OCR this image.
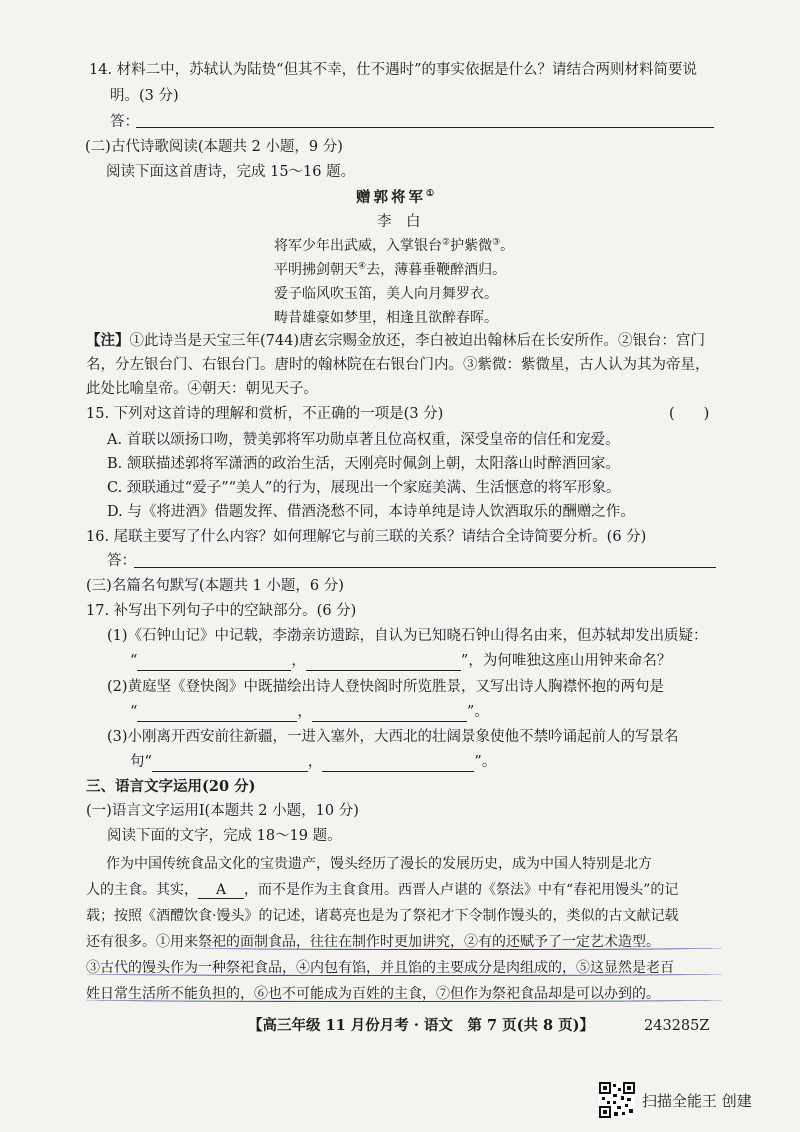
14. 材料二中，苏轼认为陆贽“但其不幸，仕不遇时”的事实依据是什么？请结合两则材料简要说
明。(3 分)
答：
(二)古代诗歌阅读(本题共 2 小题，9 分)
阅读下面这首唐诗，完成 15～16 题。
赠郭将军①
李　白
将军少年出武威，入掌银台②护紫微③。
平明拂剑朝天④去，薄暮垂鞭醉酒归。
爱子临风吹玉笛，美人向月舞罗衣。
畴昔雄豪如梦里，相逢且欲醉春晖。
【注】①此诗当是天宝三年(744)唐玄宗赐金放还，李白被迫出翰林后在长安所作。②银台：宫门
名，分左银台门、右银台门。唐时的翰林院在右银台门内。③紫微：紫微星，古人认为其为帝星，
此处比喻皇帝。④朝天：朝见天子。
15. 下列对这首诗的理解和赏析，不正确的一项是(3 分)	(　　)
A. 首联以颂扬口吻，赞美郭将军功勋卓著且位高权重，深受皇帝的信任和宠爱。
B. 颔联描述郭将军潇洒的政治生活，天刚亮时佩剑上朝，太阳落山时醉酒回家。
C. 颈联通过“爱子”“美人”的行为，展现出一个家庭美满、生活惬意的将军形象。
D. 与《将进酒》借题发挥、借酒浇愁不同，本诗单纯是诗人饮酒取乐的酬赠之作。
16. 尾联主要写了什么内容？如何理解它与前三联的关系？请结合全诗简要分析。(6 分)
答：
(三)名篇名句默写(本题共 1 小题，6 分)
17. 补写出下列句子中的空缺部分。(6 分)
(1)《石钟山记》中记载，李渤亲访遗踪，自认为已知晓石钟山得名由来，但苏轼却发出质疑：
“	，	”，为何唯独这座山用钟来命名？
(2)黄庭坚《登快阁》中既描绘出诗人登快阁时所览胜景，又写出诗人胸襟怀抱的两句是
“	，	”。
(3)小刚离开西安前往新疆，一进入塞外，大西北的壮阔景象使他不禁吟诵起前人的写景名
句“	，	”。
三、语言文字运用(20 分)
(一)语言文字运用Ⅰ(本题共 2 小题，10 分)
阅读下面的文字，完成 18～19 题。
作为中国传统食品文化的宝贵遗产，馒头经历了漫长的发展历史，成为中国人特别是北方
人的主食。其实， A ，而不是作为主食食用。西晋人卢谌的《祭法》中有“春祀用馒头”的记
载；按照《酒醴饮食·馒头》的记述，诸葛亮也是为了祭祀才下令制作馒头的，类似的古文献记载
还有很多。①用来祭祀的面制食品，往往在制作时更加讲究，②有的还赋予了一定艺术造型。
③古代的馒头作为一种祭祀食品，④内包有馅，并且馅的主要成分是肉组成的，⑤这显然是老百
姓日常生活所不能负担的，⑥也不可能成为百姓的主食，⑦但作为祭祀食品却是可以办到的。
【高三年级 11 月份月考 · 语文　第 7 页(共 8 页)】	243285Z
扫描全能王 创建
